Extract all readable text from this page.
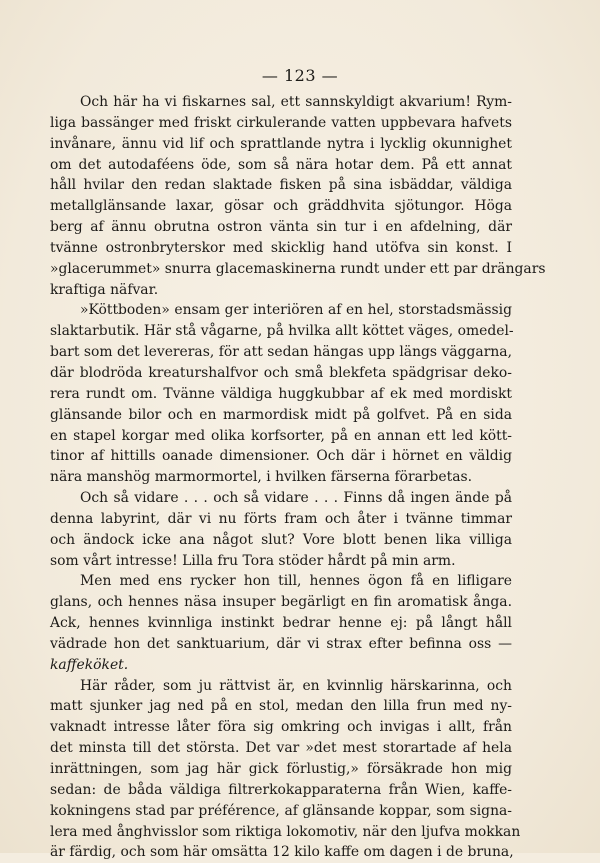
— 123 —
Och här ha vi fiskarnes sal, ett sannskyldigt akvarium! Rym-
liga bassänger med friskt cirkulerande vatten uppbevara hafvets
invånare, ännu vid lif och sprattlande nytra i lycklig okunnighet
om det autodaféens öde, som så nära hotar dem. På ett annat
håll hvilar den redan slaktade fisken på sina isbäddar, väldiga
metallglänsande laxar, gösar och gräddhvita sjötungor. Höga
berg af ännu obrutna ostron vänta sin tur i en afdelning, där
tvänne ostronbryterskor med skicklig hand utöfva sin konst. I
»glacerummet» snurra glacemaskinerna rundt under ett par drängars
kraftiga näfvar.
»Köttboden» ensam ger interiören af en hel, storstadsmässig
slaktarbutik. Här stå vågarne, på hvilka allt köttet väges, omedel-
bart som det levereras, för att sedan hängas upp längs väggarna,
där blodröda kreaturshalfvor och små blekfeta spädgrisar deko-
rera rundt om. Tvänne väldiga huggkubbar af ek med mordiskt
glänsande bilor och en marmordisk midt på golfvet. På en sida
en stapel korgar med olika korfsorter, på en annan ett led kött-
tinor af hittills oanade dimensioner. Och där i hörnet en väldig
nära manshög marmormortel, i hvilken färserna förarbetas.
Och så vidare . . . och så vidare . . . Finns då ingen ände på
denna labyrint, där vi nu förts fram och åter i tvänne timmar
och ändock icke ana något slut? Vore blott benen lika villiga
som vårt intresse! Lilla fru Tora stöder hårdt på min arm.
Men med ens rycker hon till, hennes ögon få en lifligare
glans, och hennes näsa insuper begärligt en fin aromatisk ånga.
Ack, hennes kvinnliga instinkt bedrar henne ej: på långt håll
vädrade hon det sanktuarium, där vi strax efter befinna oss —
kaffeköket.
Här råder, som ju rättvist är, en kvinnlig härskarinna, och
matt sjunker jag ned på en stol, medan den lilla frun med ny-
vaknadt intresse låter föra sig omkring och invigas i allt, från
det minsta till det största. Det var »det mest storartade af hela
inrättningen, som jag här gick förlustig,» försäkrade hon mig
sedan: de båda väldiga filtrerkokapparaterna från Wien, kaffe-
kokningens stad par préférence, af glänsande koppar, som signa-
lera med ånghvisslor som riktiga lokomotiv, när den ljufva mokkan
är färdig, och som här omsätta 12 kilo kaffe om dagen i de bruna,
